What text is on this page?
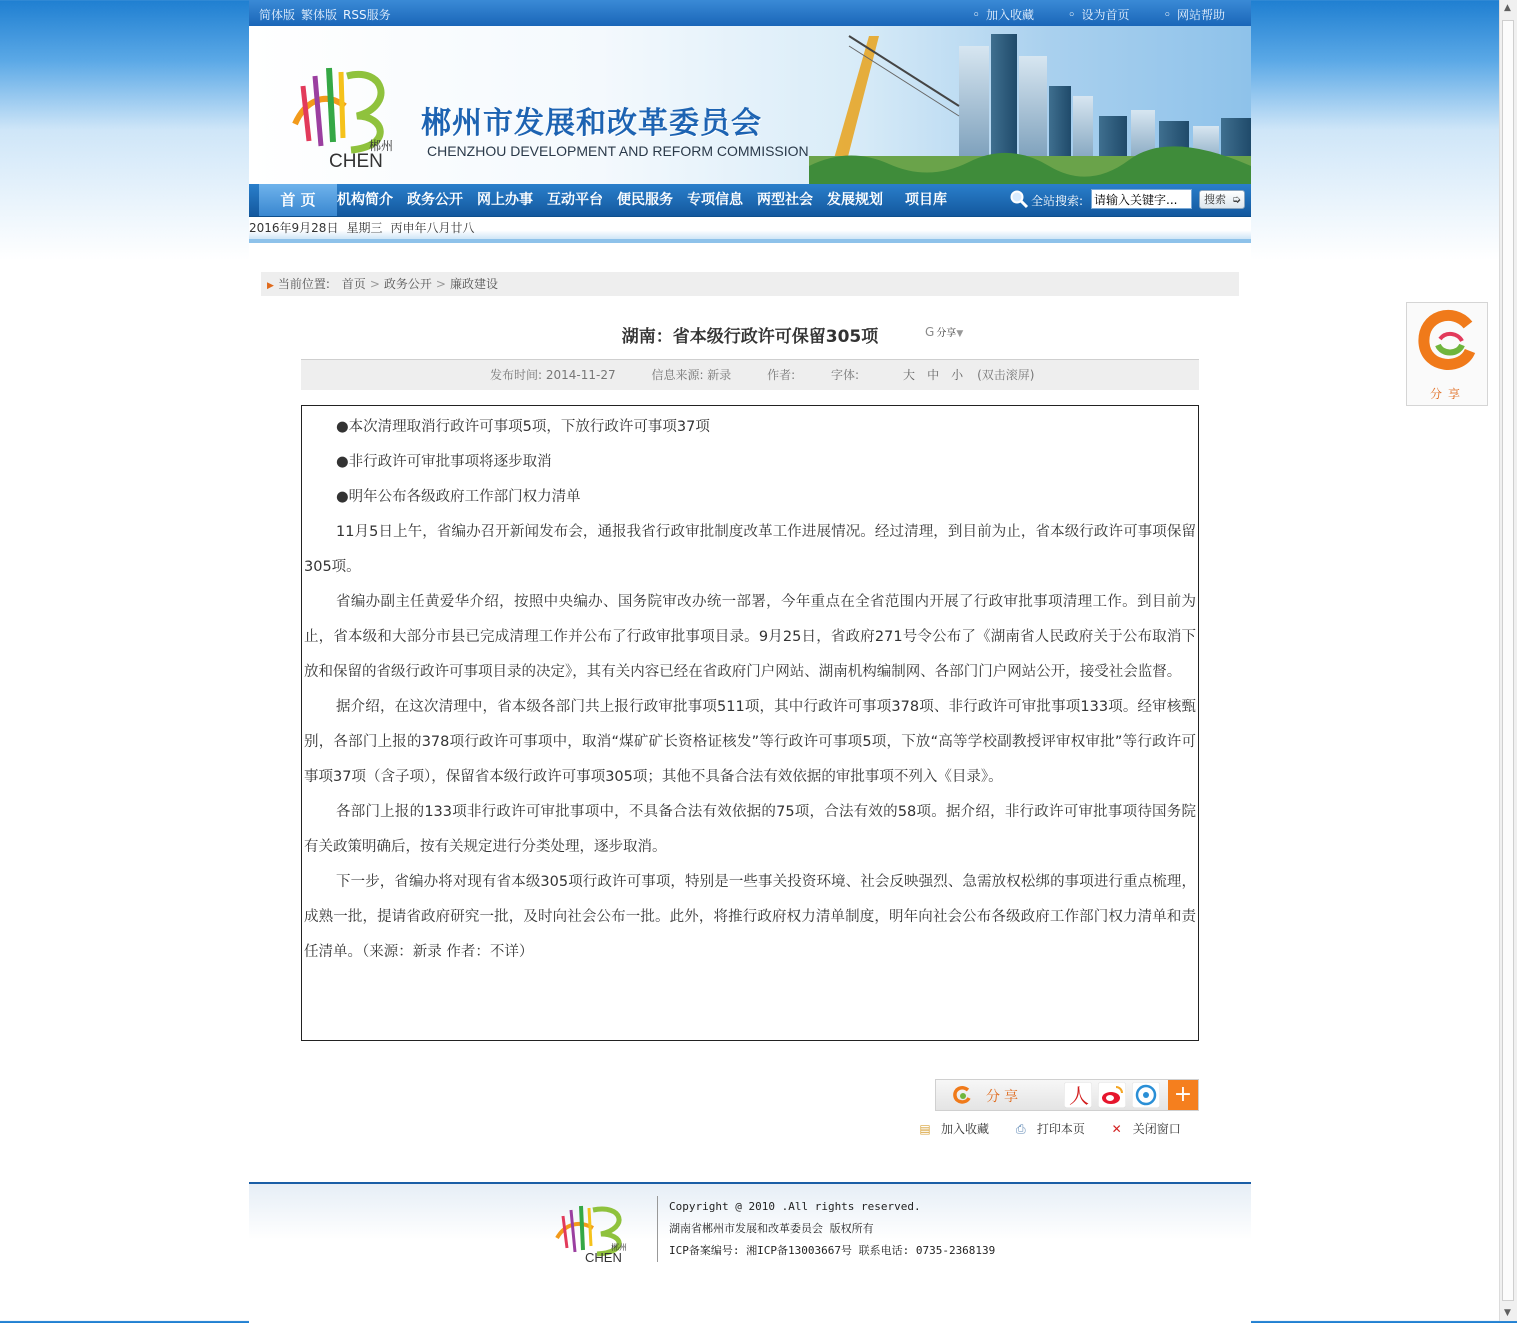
▲
▼
简体版 繁体版 RSS服务	◦ 加入收藏	◦ 设为首页	◦ 网站帮助
郴州
CHEN
郴州市发展和改革委员会
CHENZHOU DEVELOPMENT AND REFORM COMMISSION
首 页	机构简介 政务公开 网上办事 互动平台 便民服务 专项信息 两型社会 发展规划 项目库	全站搜索:
请输入关键字...	搜索 ➭
2016年9月28日 星期三 丙申年八月廿八
▶ 当前位置: 首页 > 政务公开 > 廉政建设
湖南：省本级行政许可保留305项	G 分享▼
发布时间: 2014-11-27	信息来源: 新录	作者:	字体:	大 中 小 (双击滚屏)

●本次清理取消行政许可事项5项，下放行政许可事项37项

●非行政许可审批事项将逐步取消

●明年公布各级政府工作部门权力清单

11月5日上午，省编办召开新闻发布会，通报我省行政审批制度改革工作进展情况。经过清理，到目前为止，省本级行政许可事项保留305项。

省编办副主任黄爱华介绍，按照中央编办、国务院审改办统一部署，今年重点在全省范围内开展了行政审批事项清理工作。到目前为止，省本级和大部分市县已完成清理工作并公布了行政审批事项目录。9月25日，省政府271号令公布了《湖南省人民政府关于公布取消下放和保留的省级行政许可事项目录的决定》，其有关内容已经在省政府门户网站、湖南机构编制网、各部门门户网站公开，接受社会监督。

据介绍，在这次清理中，省本级各部门共上报行政审批事项511项，其中行政许可事项378项、非行政许可审批事项133项。经审核甄别，各部门上报的378项行政许可事项中，取消“煤矿矿长资格证核发”等行政许可事项5项，下放“高等学校副教授评审权审批”等行政许可事项37项（含子项），保留省本级行政许可事项305项；其他不具备合法有效依据的审批事项不列入《目录》。

各部门上报的133项非行政许可审批事项中，不具备合法有效依据的75项，合法有效的58项。据介绍，非行政许可审批事项待国务院有关政策明确后，按有关规定进行分类处理，逐步取消。

下一步，省编办将对现有省本级305项行政许可事项，特别是一些事关投资环境、社会反映强烈、急需放权松绑的事项进行重点梳理，成熟一批，提请省政府研究一批，及时向社会公布一批。此外，将推行政府权力清单制度，明年向社会公布各级政府工作部门权力清单和责任清单。（来源：新录 作者：不详）

分享 人	+
▤ 加入收藏 ⎙ 打印本页 ✕ 关闭窗口
郴州
CHEN
Copyright @ 2010 .All rights reserved.
湖南省郴州市发展和改革委员会 版权所有
ICP备案编号: 湘ICP备13003667号 联系电话: 0735-2368139
分享
